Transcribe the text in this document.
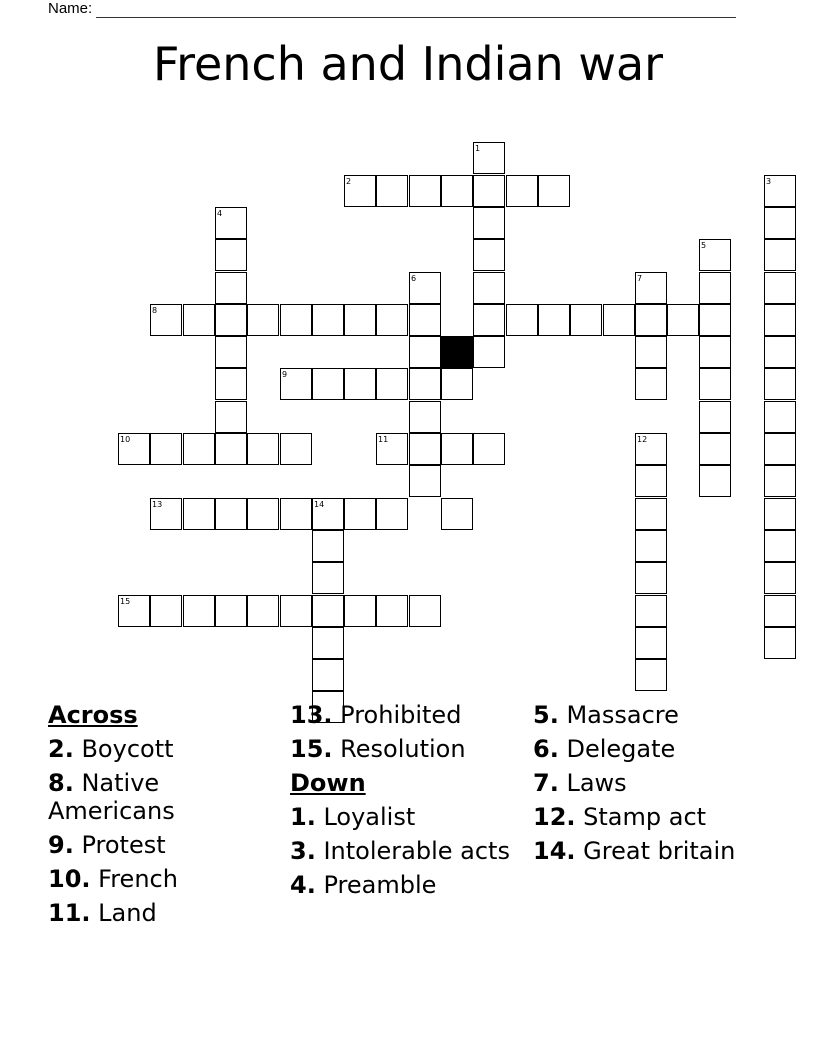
Name:
French and Indian war
1
2	3
4
5
6	7
8
9
10	11	12
13	14
15
Across
2. Boycott
8. Native Americans
9. Protest
10. French
11. Land
13. Prohibited
15. Resolution
Down
1. Loyalist
3. Intolerable acts
4. Preamble
5. Massacre
6. Delegate
7. Laws
12. Stamp act
14. Great britain
